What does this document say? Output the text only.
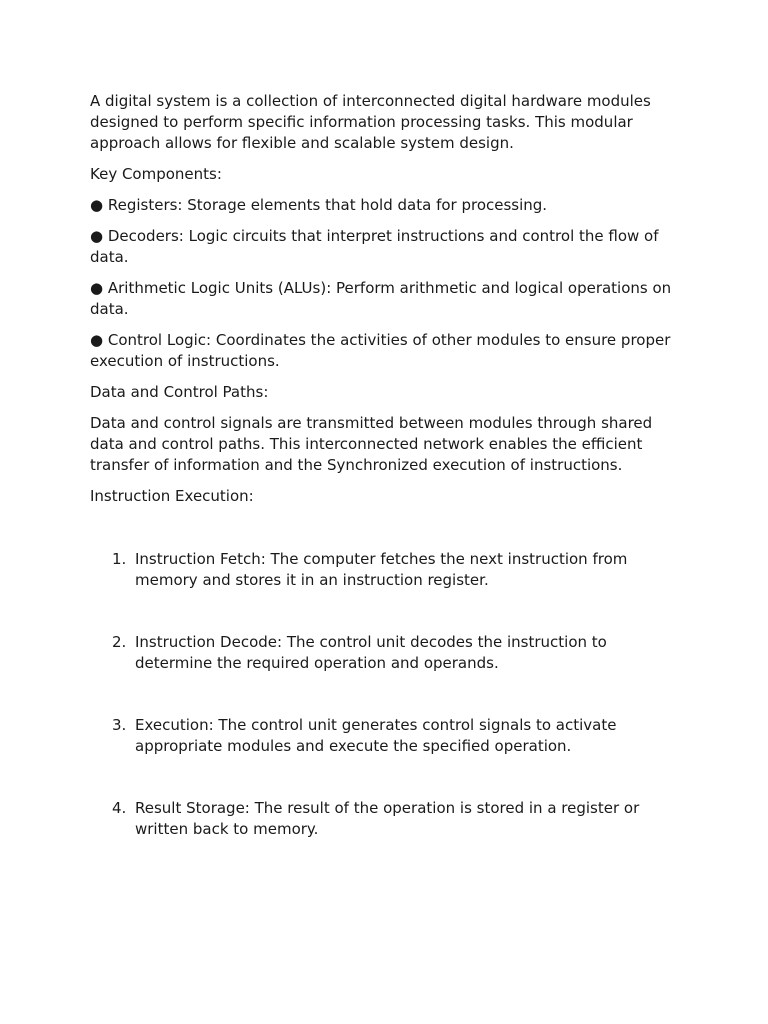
A digital system is a collection of interconnected digital hardware modules designed to perform specific information processing tasks. This modular approach allows for flexible and scalable system design.

Key Components:

● Registers: Storage elements that hold data for processing.

● Decoders: Logic circuits that interpret instructions and control the flow of data.

● Arithmetic Logic Units (ALUs): Perform arithmetic and logical operations on data.

● Control Logic: Coordinates the activities of other modules to ensure proper execution of instructions.

Data and Control Paths:

Data and control signals are transmitted between modules through shared data and control paths. This interconnected network enables the efficient transfer of information and the Synchronized execution of instructions.

Instruction Execution:

1. Instruction Fetch: The computer fetches the next instruction from memory and stores it in an instruction register.
2. Instruction Decode: The control unit decodes the instruction to determine the required operation and operands.
3. Execution: The control unit generates control signals to activate appropriate modules and execute the specified operation.
4. Result Storage: The result of the operation is stored in a register or written back to memory.
